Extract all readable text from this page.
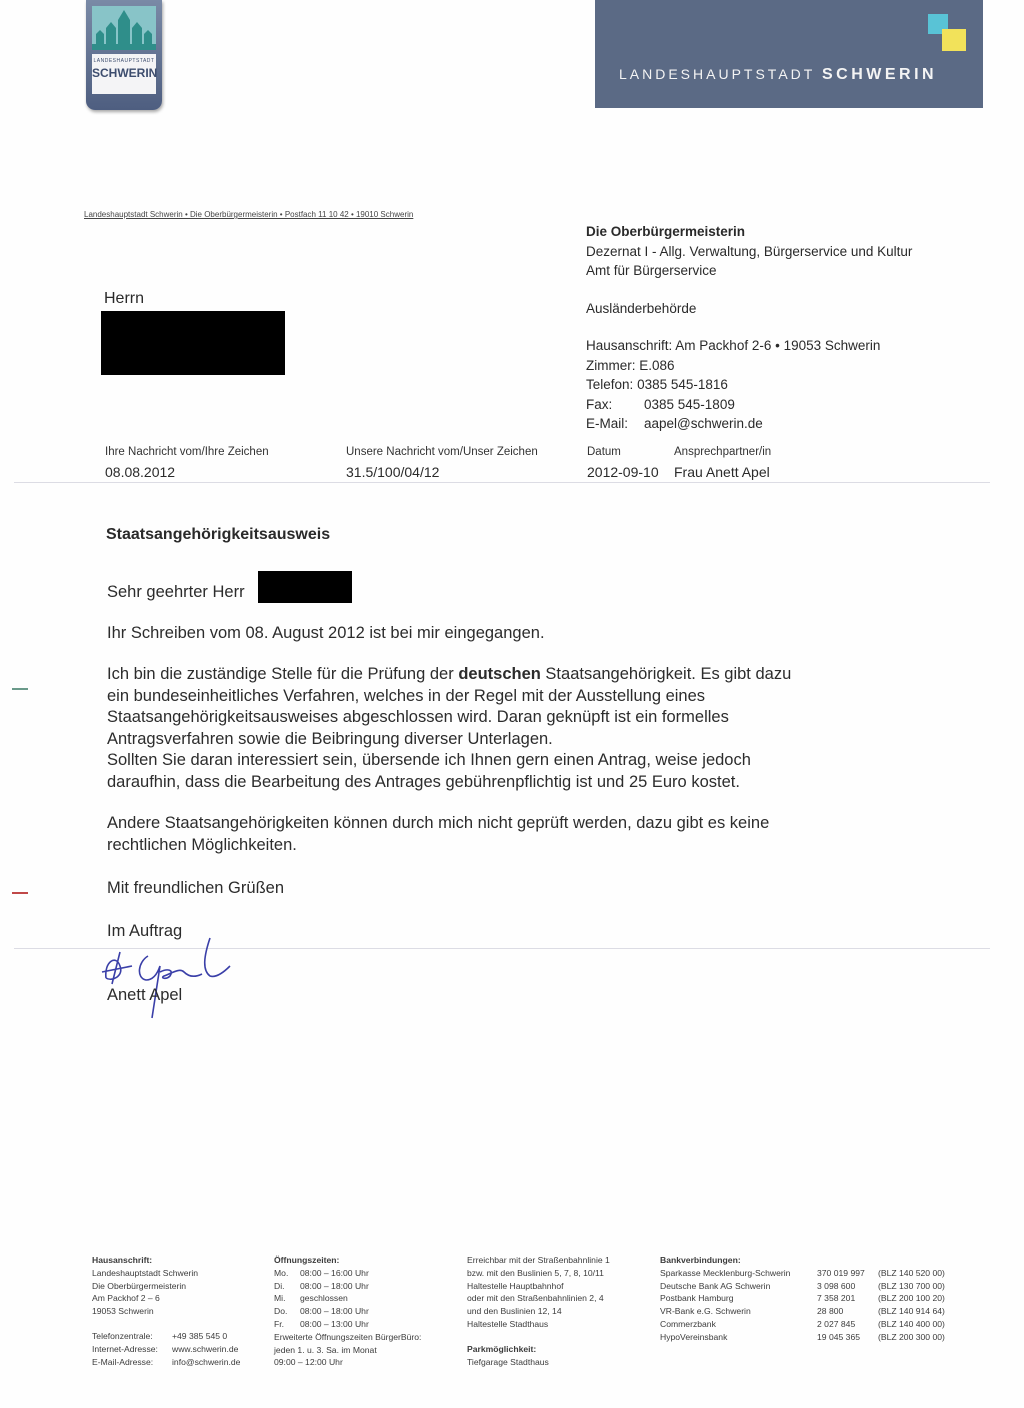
LANDESHAUPTSTADT
SCHWERIN	LANDESHAUPTSTADT SCHWERIN
Landeshauptstadt Schwerin • Die Oberbürgermeisterin • Postfach 11 10 42 • 19010 Schwerin
Herrn
Die Oberbürgermeisterin
Dezernat I - Allg. Verwaltung, Bürgerservice und Kultur
Amt für Bürgerservice
Ausländerbehörde
Hausanschrift: Am Packhof 2-6 • 19053 Schwerin
Zimmer: E.086
Telefon: 0385 545-1816
Fax: 0385 545-1809
E-Mail: aapel@schwerin.de
Ihre Nachricht vom/Ihre Zeichen
08.08.2012
Unsere Nachricht vom/Unser Zeichen
31.5/100/04/12
Datum
2012-09-10
Ansprechpartner/in
Frau Anett Apel
Staatsangehörigkeitsausweis
Sehr geehrter Herr
Ihr Schreiben vom 08. August 2012 ist bei mir eingegangen.
Ich bin die zuständige Stelle für die Prüfung der deutschen Staatsangehörigkeit. Es gibt dazu
ein bundeseinheitliches Verfahren, welches in der Regel mit der Ausstellung eines
Staatsangehörigkeitsausweises abgeschlossen wird. Daran geknüpft ist ein formelles
Antragsverfahren sowie die Beibringung diverser Unterlagen.
Sollten Sie daran interessiert sein, übersende ich Ihnen gern einen Antrag, weise jedoch
daraufhin, dass die Bearbeitung des Antrages gebührenpflichtig ist und 25 Euro kostet.
Andere Staatsangehörigkeiten können durch mich nicht geprüft werden, dazu gibt es keine
rechtlichen Möglichkeiten.
Mit freundlichen Grüßen
Im Auftrag
Anett Apel
Hausanschrift:
Landeshauptstadt Schwerin
Die Oberbürgermeisterin
Am Packhof 2 – 6
19053 Schwerin
Telefonzentrale: +49 385 545 0
Internet-Adresse: www.schwerin.de
E-Mail-Adresse: info@schwerin.de
Öffnungszeiten:
Mo. 08:00 – 16:00 Uhr
Di. 08:00 – 18:00 Uhr
Mi. geschlossen
Do. 08:00 – 18:00 Uhr
Fr. 08:00 – 13:00 Uhr
Erweiterte Öffnungszeiten BürgerBüro:
jeden 1. u. 3. Sa. im Monat
09:00 – 12:00 Uhr
Erreichbar mit der Straßenbahnlinie 1
bzw. mit den Buslinien 5, 7, 8, 10/11
Haltestelle Hauptbahnhof
oder mit den Straßenbahnlinien 2, 4
und den Buslinien 12, 14
Haltestelle Stadthaus
Parkmöglichkeit:
Tiefgarage Stadthaus
Bankverbindungen:
Sparkasse Mecklenburg-Schwerin	370 019 997 (BLZ 140 520 00)
Deutsche Bank AG Schwerin	3 098 600	(BLZ 130 700 00)
Postbank Hamburg	7 358 201	(BLZ 200 100 20)
VR-Bank e.G. Schwerin	28 800	(BLZ 140 914 64)
Commerzbank	2 027 845	(BLZ 140 400 00)
HypoVereinsbank	19 045 365 (BLZ 200 300 00)
